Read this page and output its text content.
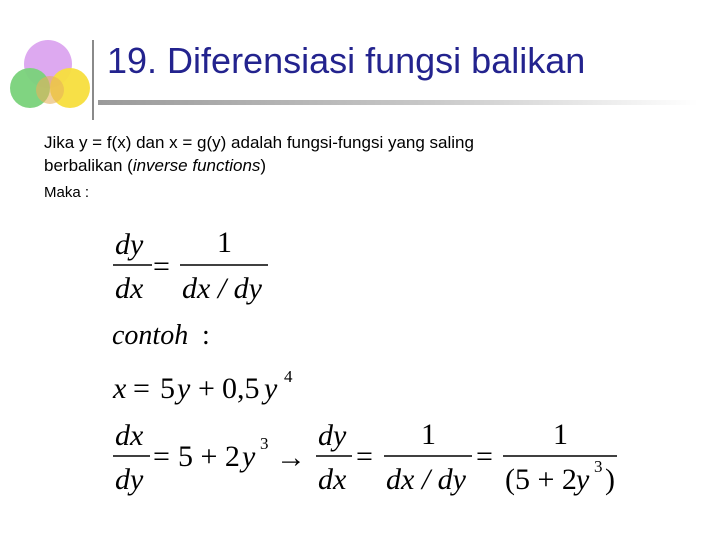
19. Diferensiasi fungsi balikan
Jika y = f(x) dan x = g(y) adalah fungsi-fungsi yang saling
berbalikan (inverse functions)
Maka :
dy
dx
=
1
dx / dy
contoh :
x = 5 y + 0,5 y 4
dx
dy
= 5 + 2 y 3 →
dy
dx
=
1
dx / dy
=
1
(5 + 2 y 3 )
